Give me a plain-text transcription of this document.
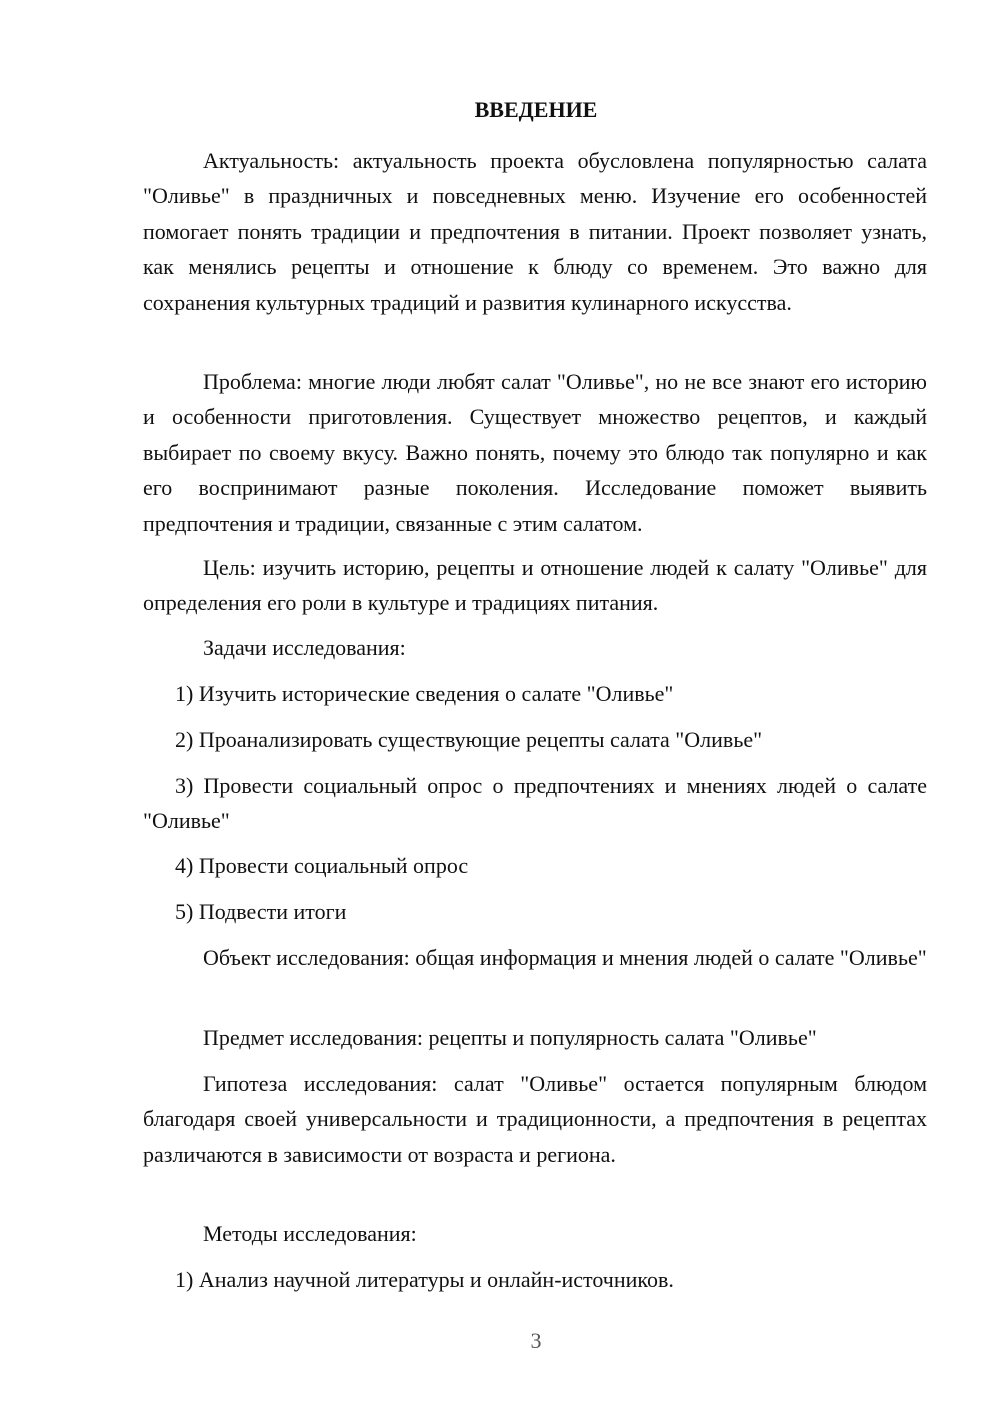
ВВЕДЕНИЕ

Актуальность: актуальность проекта обусловлена популярностью салата "Оливье" в праздничных и повседневных меню. Изучение его особенностей помогает понять традиции и предпочтения в питании. Проект позволяет узнать, как менялись рецепты и отношение к блюду со временем. Это важно для сохранения культурных традиций и развития кулинарного искусства.

Проблема: многие люди любят салат "Оливье", но не все знают его историю и особенности приготовления. Существует множество рецептов, и каждый выбирает по своему вкусу. Важно понять, почему это блюдо так популярно и как его воспринимают разные поколения. Исследование поможет выявить предпочтения и традиции, связанные с этим салатом.

Цель: изучить историю, рецепты и отношение людей к салату "Оливье" для определения его роли в культуре и традициях питания.

Задачи исследования:

1) Изучить исторические сведения о салате "Оливье"

2) Проанализировать существующие рецепты салата "Оливье"

3) Провести социальный опрос о предпочтениях и мнениях людей о салате "Оливье"

4) Провести социальный опрос

5) Подвести итоги

Объект исследования: общая информация и мнения людей о салате "Оливье"

Предмет исследования: рецепты и популярность салата "Оливье"

Гипотеза исследования: салат "Оливье" остается популярным блюдом благодаря своей универсальности и традиционности, а предпочтения в рецептах различаются в зависимости от возраста и региона.

Методы исследования:

1) Анализ научной литературы и онлайн-источников.

3
